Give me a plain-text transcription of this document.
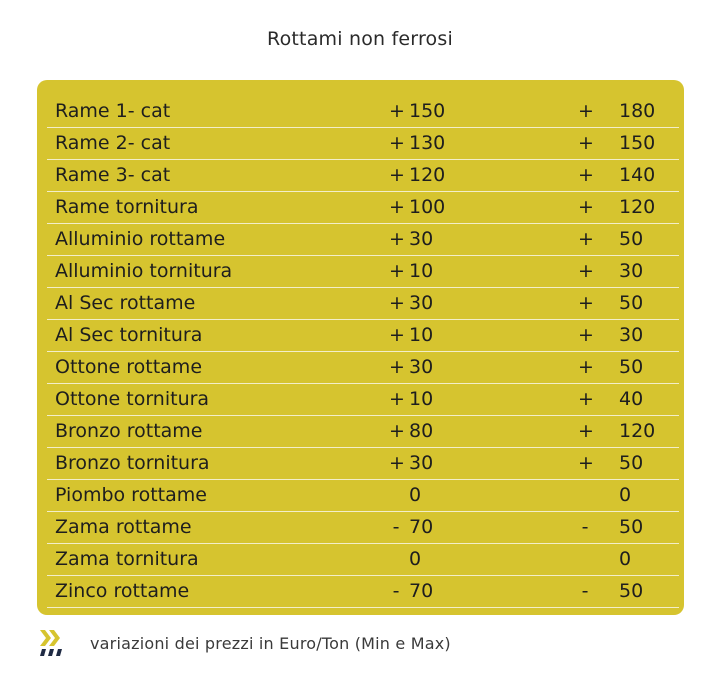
Rottami non ferrosi
Rame 1- cat	+ 150	+ 180
Rame 2- cat	+ 130	+ 150
Rame 3- cat	+ 120	+ 140
Rame tornitura	+ 100	+ 120
Alluminio rottame	+ 30	+ 50
Alluminio tornitura	+ 10	+ 30
Al Sec rottame	+ 30	+ 50
Al Sec tornitura	+ 10	+ 30
Ottone rottame	+ 30	+ 50
Ottone tornitura	+ 10	+ 40
Bronzo rottame	+ 80	+ 120
Bronzo tornitura	+ 30	+ 50
Piombo rottame	0	0
Zama rottame	- 70	- 50
Zama tornitura	0	0
Zinco rottame	- 70	- 50
variazioni dei prezzi in Euro/Ton (Min e Max)
